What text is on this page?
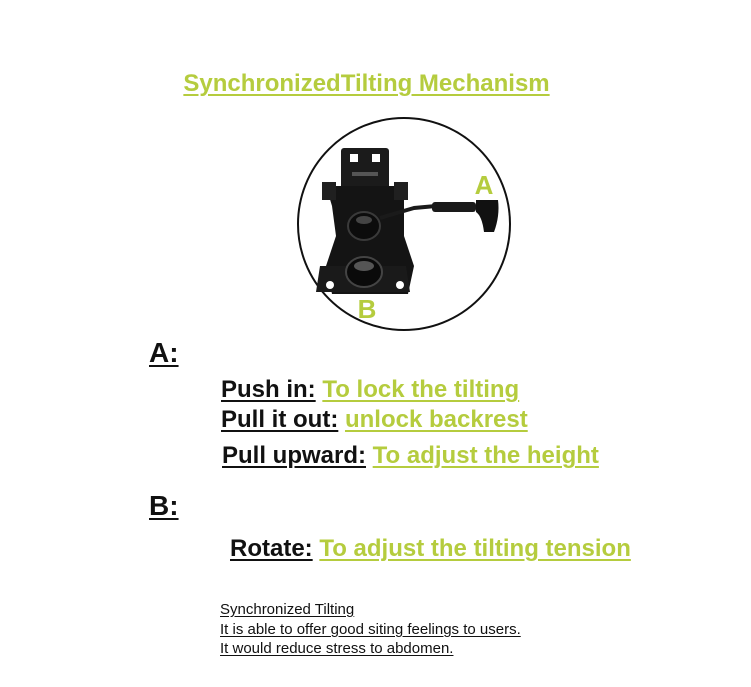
SynchronizedTilting Mechanism
A
B
A:
Push in: To lock the tilting
Pull it out: unlock backrest
Pull upward: To adjust the height
B:
Rotate: To adjust the tilting tension
Synchronized Tilting
It is able to offer good siting feelings to users.
It would reduce stress to abdomen.
